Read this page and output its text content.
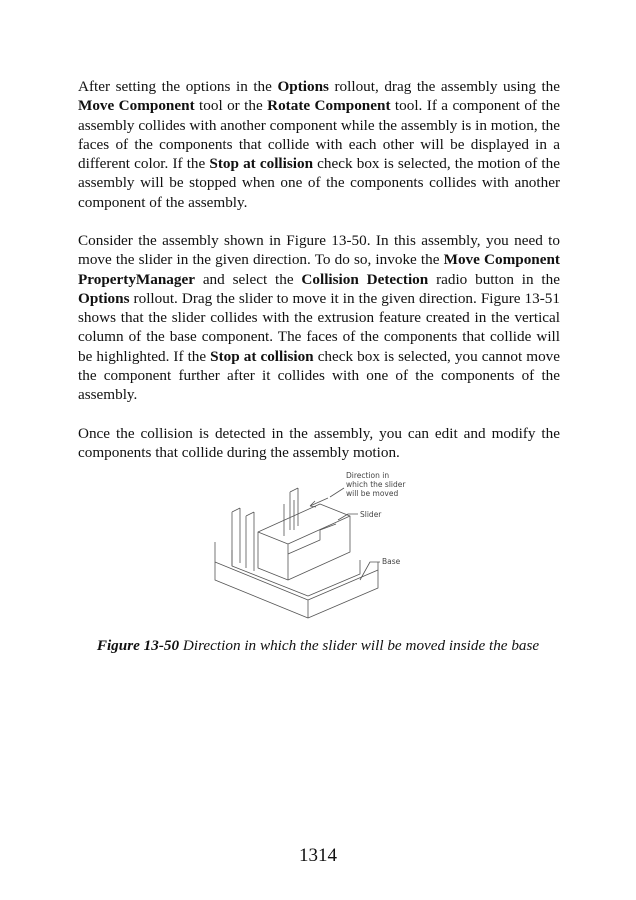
After setting the options in the Options rollout, drag the assembly using the Move Component tool or the Rotate Component tool. If a component of the assembly collides with another component while the assembly is in motion, the faces of the components that collide with each other will be displayed in a different color. If the Stop at collision check box is selected, the motion of the assembly will be stopped when one of the components collides with another component of the assembly.

Consider the assembly shown in Figure 13-50. In this assembly, you need to move the slider in the given direction. To do so, invoke the Move Component PropertyManager and select the Collision Detection radio button in the Options rollout. Drag the slider to move it in the given direction. Figure 13-51 shows that the slider collides with the extrusion feature created in the vertical column of the base component. The faces of the components that collide will be highlighted. If the Stop at collision check box is selected, you cannot move the component further after it collides with one of the components of the assembly.

Once the collision is detected in the assembly, you can edit and modify the components that collide during the assembly motion.

Direction in
which the slider
will be moved
Slider
Base
Figure 13-50 Direction in which the slider will be moved inside the base
1314
